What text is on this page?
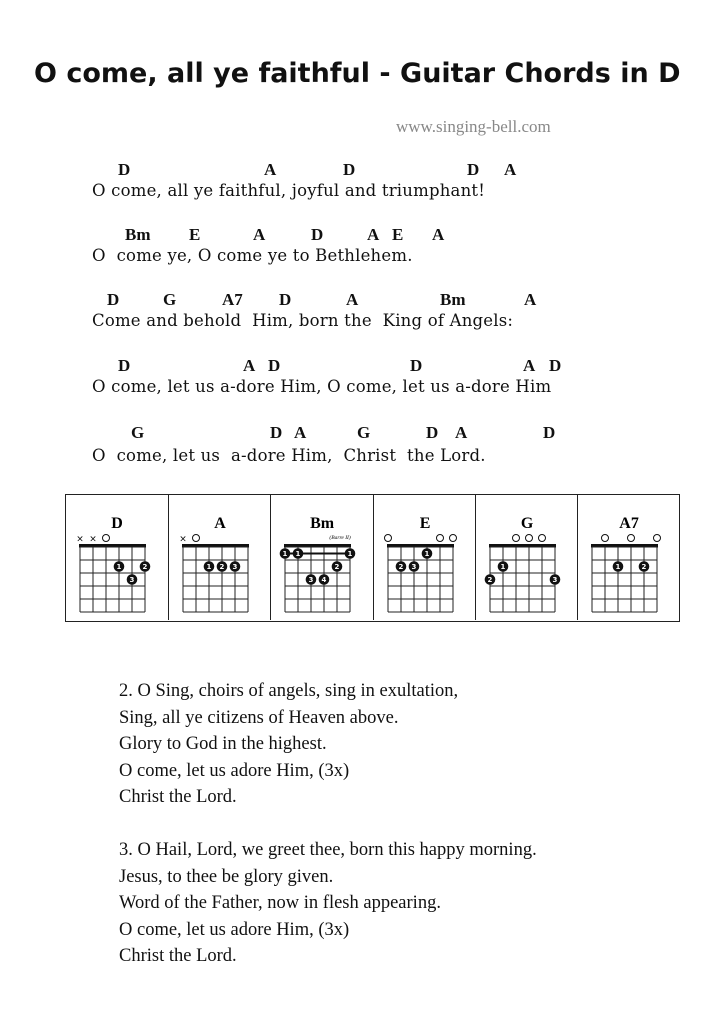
O come, all ye faithful - Guitar Chords in D
www.singing-bell.com
D	A	D	D A
O come, all ye faithful, joyful and triumphant!
Bm E	A	D	A E A
O  come ye, O come ye to Bethlehem.
D	G	A7 D	A	Bm	A
Come and behold  Him, born the  King of Angels:
D	A D	D	A D
O come, let us a-dore Him, O come, let us a-dore Him
G	D A	G	D A	D
O  come, let us  a-dore Him,  Christ  the Lord.
D
× ×
1	2
3
A
×
1 2 3
Bm
(Barre II)
1 1	1
2
3 4
E
1
2 3
G
1
2	3
A7
1	2
2. O Sing, choirs of angels, sing in exultation,
Sing, all ye citizens of Heaven above.
Glory to God in the highest.
O come, let us adore Him, (3x)
Christ the Lord.
3. O Hail, Lord, we greet thee, born this happy morning.
Jesus, to thee be glory given.
Word of the Father, now in flesh appearing.
O come, let us adore Him, (3x)
Christ the Lord.
